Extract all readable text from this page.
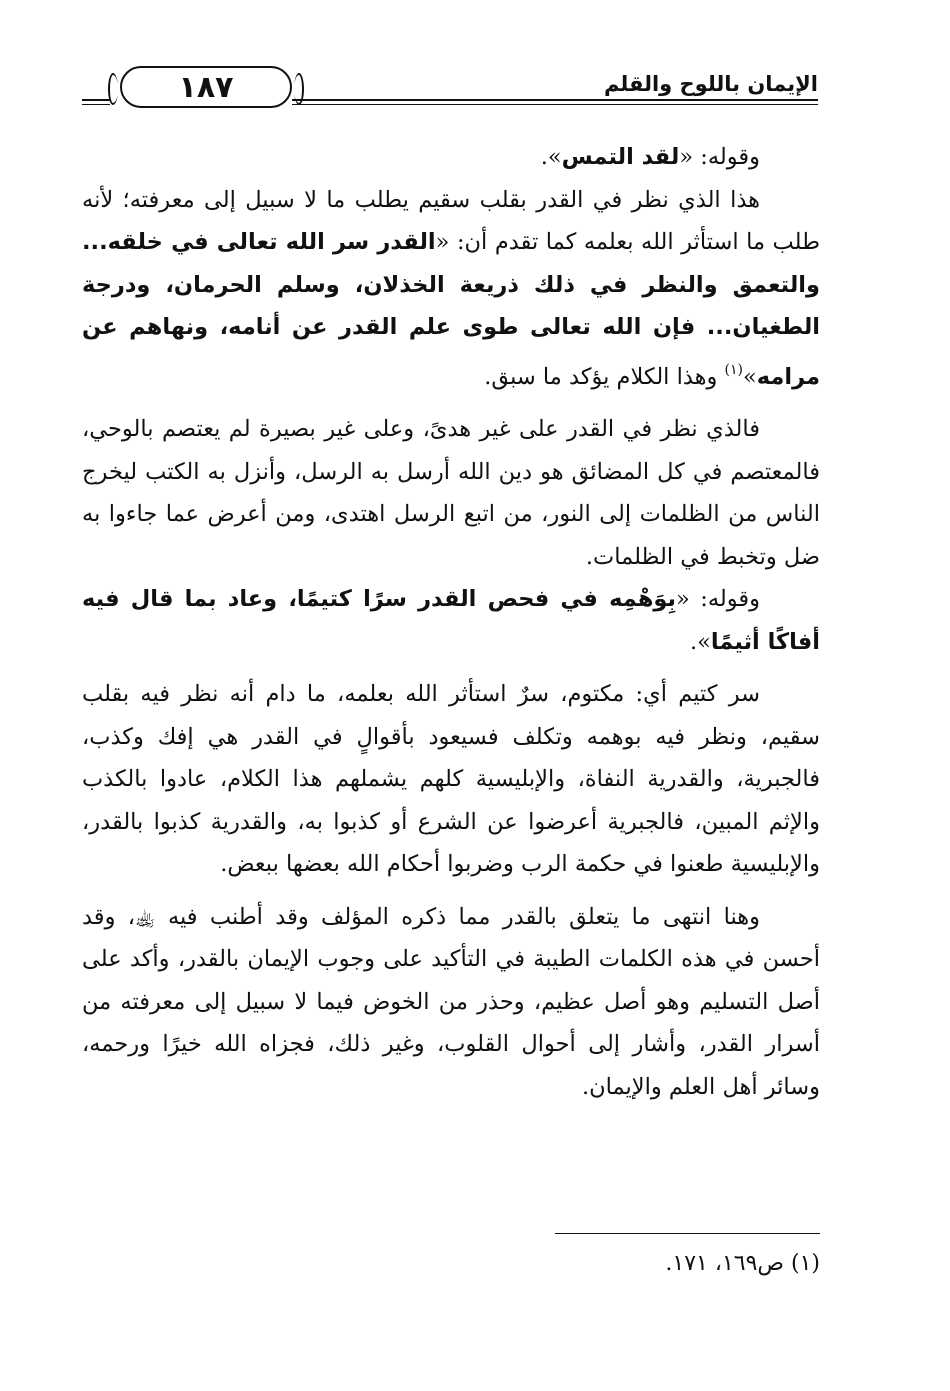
الإيمان باللوح والقلم
١٨٧

وقوله: «لقد التمس».

هذا الذي نظر في القدر بقلب سقيم يطلب ما لا سبيل إلى معرفته؛ لأنه طلب ما استأثر الله بعلمه كما تقدم أن: «القدر سر الله تعالى في خلقه... والتعمق والنظر في ذلك ذريعة الخذلان، وسلم الحرمان، ودرجة الطغيان... فإن الله تعالى طوى علم القدر عن أنامه، ونهاهم عن مرامه»$^{(١)}$ وهذا الكلام يؤكد ما سبق.

فالذي نظر في القدر على غير هدىً، وعلى غير بصيرة لم يعتصم بالوحي، فالمعتصم في كل المضائق هو دين الله أرسل به الرسل، وأنزل به الكتب ليخرج الناس من الظلمات إلى النور، من اتبع الرسل اهتدى، ومن أعرض عما جاءوا به ضل وتخبط في الظلمات.

وقوله: «بِوَهْمِه في فحص القدر سرًا كتيمًا، وعاد بما قال فيه أفاكًا أثيمًا».

سر كتيم أي: مكتوم، سرٌ استأثر الله بعلمه، ما دام أنه نظر فيه بقلب سقيم، ونظر فيه بوهمه وتكلف فسيعود بأقوالٍ في القدر هي إفك وكذب، فالجبرية، والقدرية النفاة، والإبليسية كلهم يشملهم هذا الكلام، عادوا بالكذب والإثم المبين، فالجبرية أعرضوا عن الشرع أو كذبوا به، والقدرية كذبوا بالقدر، والإبليسية طعنوا في حكمة الرب وضربوا أحكام الله بعضها ببعض.

وهنا انتهى ما يتعلق بالقدر مما ذكره المؤلف وقد أطنب فيه ﵀، وقد أحسن في هذه الكلمات الطيبة في التأكيد على وجوب الإيمان بالقدر، وأكد على أصل التسليم وهو أصل عظيم، وحذر من الخوض فيما لا سبيل إلى معرفته من أسرار القدر، وأشار إلى أحوال القلوب، وغير ذلك، فجزاه الله خيرًا ورحمه، وسائر أهل العلم والإيمان.

(١) ص١٦٩، ١٧١.
